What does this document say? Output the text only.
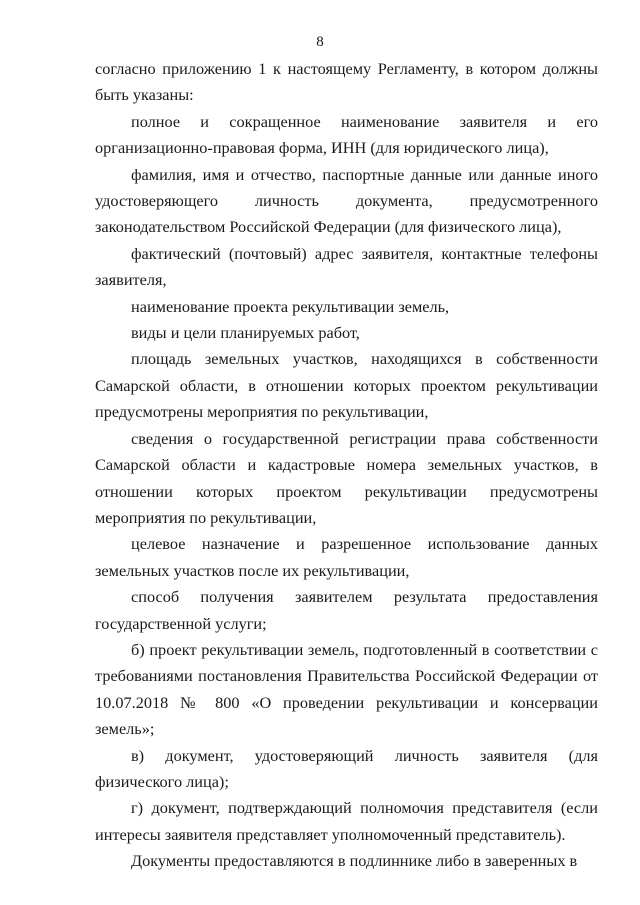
8

согласно приложению 1 к настоящему Регламенту, в котором должны быть указаны:

полное и сокращенное наименование заявителя и его организационно-правовая форма, ИНН (для юридического лица),

фамилия, имя и отчество, паспортные данные или данные иного удостоверяющего личность документа, предусмотренного законодательством Российской Федерации (для физического лица),

фактический (почтовый) адрес заявителя, контактные телефоны заявителя,

наименование проекта рекультивации земель,

виды и цели планируемых работ,

площадь земельных участков, находящихся в собственности Самарской области, в отношении которых проектом рекультивации предусмотрены мероприятия по рекультивации,

сведения о государственной регистрации права собственности Самарской области и кадастровые номера земельных участков, в отношении которых проектом рекультивации предусмотрены мероприятия по рекультивации,

целевое назначение и разрешенное использование данных земельных участков после их рекультивации,

способ получения заявителем результата предоставления государственной услуги;

б) проект рекультивации земель, подготовленный в соответствии с требованиями постановления Правительства Российской Федерации от 10.07.2018 № 800 «О проведении рекультивации и консервации земель»;

в) документ, удостоверяющий личность заявителя (для физического лица);

г) документ, подтверждающий полномочия представителя (если интересы заявителя представляет уполномоченный представитель).

Документы предоставляются в подлиннике либо в заверенных в
